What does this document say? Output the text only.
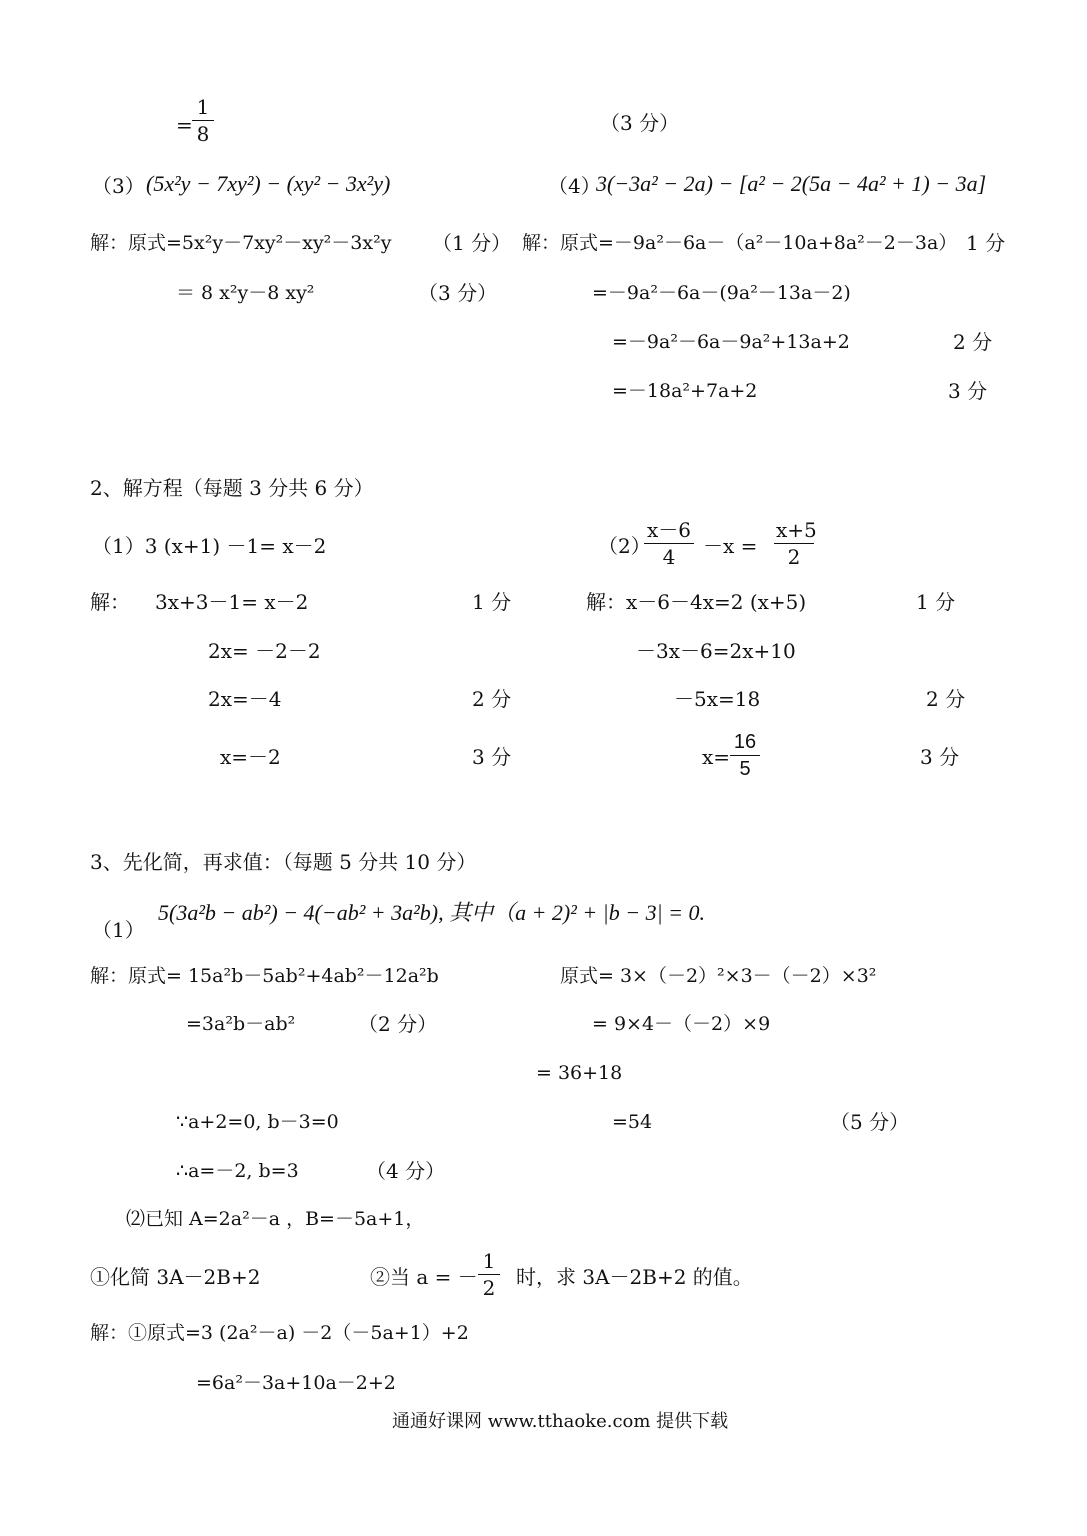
=
1
8	（3 分）
（3） (5x²y − 7xy²) − (xy² − 3x²y)
解：原式=5x²y－7xy²－xy²－3x²y （1 分）
＝ 8 x²y－8 xy²	（3 分）
（4）
3(−3a² − 2a) − [a² − 2(5a − 4a² + 1) − 3a]
解：原式=－9a²－6a－（a²－10a+8a²－2－3a） 1 分
=－9a²－6a－(9a²－13a－2)
=－9a²－6a－9a²+13a+2	2 分
=－18a²+7a+2	3 分
2、解方程（每题 3 分共 6 分）
（1）3 (x+1) －1= x－2
解： 3x+3－1= x－2	1 分
2x= －2－2
2x=－4	2 分
x=－2	3 分
（2）
x－6
4	－x =
x+5
2
解：x－6－4x=2 (x+5)	1 分
－3x－6=2x+10
－5x=18	2 分
x=
16
5	3 分
3、先化简，再求值：（每题 5 分共 10 分）
（1）
5(3a²b − ab²) − 4(−ab² + 3a²b), 其中（a + 2)² + |b − 3| = 0.
解：原式= 15a²b－5ab²+4ab²－12a²b
=3a²b－ab²	（2 分）
∵a+2=0, b－3=0
∴a=－2, b=3	（4 分）
原式= 3×（－2）²×3－（－2）×3²
= 9×4－（－2）×9
= 36+18
=54	（5 分）
⑵已知 A=2a²－a ，B=－5a+1，
①化简 3A－2B+2	②当 a = －
1
2 时，求 3A－2B+2 的值。
解：①原式=3 (2a²－a) －2（－5a+1）+2
=6a²－3a+10a－2+2
通通好课网 www.tthaoke.com 提供下载
